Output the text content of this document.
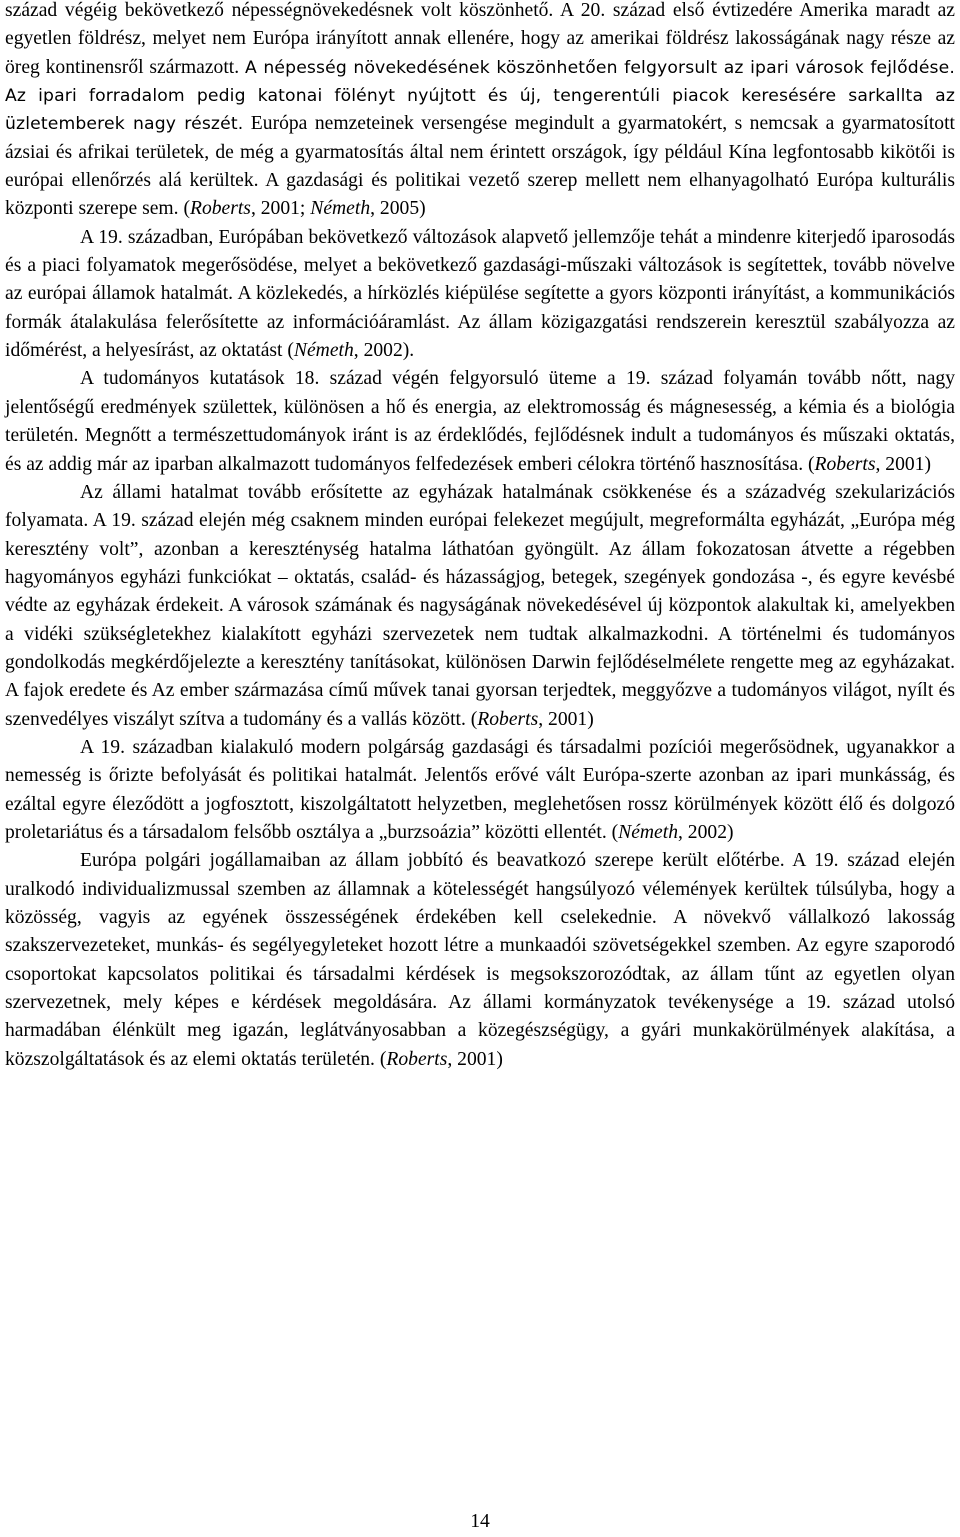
század végéig bekövetkező népességnövekedésnek volt köszönhető. A 20. század első évtizedére Amerika maradt az egyetlen földrész, melyet nem Európa irányított annak ellenére, hogy az amerikai földrész lakosságának nagy része az öreg kontinensről származott. A népesség növekedésének köszönhetően felgyorsult az ipari városok fejlődése. Az ipari forradalom pedig katonai fölényt nyújtott és új, tengerentúli piacok keresésére sarkallta az üzletemberek nagy részét. Európa nemzeteinek versengése megindult a gyarmatokért, s nemcsak a gyarmatosított ázsiai és afrikai területek, de még a gyarmatosítás által nem érintett országok, így például Kína legfontosabb kikötői is európai ellenőrzés alá kerültek. A gazdasági és politikai vezető szerep mellett nem elhanyagolható Európa kulturális központi szerepe sem. (Roberts, 2001; Németh, 2005)

A 19. században, Európában bekövetkező változások alapvető jellemzője tehát a mindenre kiterjedő iparosodás és a piaci folyamatok megerősödése, melyet a bekövetkező gazdasági-műszaki változások is segítettek, tovább növelve az európai államok hatalmát. A közlekedés, a hírközlés kiépülése segítette a gyors központi irányítást, a kommunikációs formák átalakulása felerősítette az információáramlást. Az állam közigazgatási rendszerein keresztül szabályozza az időmérést, a helyesírást, az oktatást (Németh, 2002).

A tudományos kutatások 18. század végén felgyorsuló üteme a 19. század folyamán tovább nőtt, nagy jelentőségű eredmények születtek, különösen a hő és energia, az elektromosság és mágnesesség, a kémia és a biológia területén. Megnőtt a természettudományok iránt is az érdeklődés, fejlődésnek indult a tudományos és műszaki oktatás, és az addig már az iparban alkalmazott tudományos felfedezések emberi célokra történő hasznosítása. (Roberts, 2001)

Az állami hatalmat tovább erősítette az egyházak hatalmának csökkenése és a századvég szekularizációs folyamata. A 19. század elején még csaknem minden európai felekezet megújult, megreformálta egyházát, „Európa még keresztény volt”, azonban a kereszténység hatalma láthatóan gyöngült. Az állam fokozatosan átvette a régebben hagyományos egyházi funkciókat – oktatás, család- és házasságjog, betegek, szegények gondozása -, és egyre kevésbé védte az egyházak érdekeit. A városok számának és nagyságának növekedésével új központok alakultak ki, amelyekben a vidéki szükségletekhez kialakított egyházi szervezetek nem tudtak alkalmazkodni. A történelmi és tudományos gondolkodás megkérdőjelezte a keresztény tanításokat, különösen Darwin fejlődéselmélete rengette meg az egyházakat. A fajok eredete és Az ember származása című művek tanai gyorsan terjedtek, meggyőzve a tudományos világot, nyílt és szenvedélyes viszályt szítva a tudomány és a vallás között. (Roberts, 2001)

A 19. században kialakuló modern polgárság gazdasági és társadalmi pozíciói megerősödnek, ugyanakkor a nemesség is őrizte befolyását és politikai hatalmát. Jelentős erővé vált Európa-szerte azonban az ipari munkásság, és ezáltal egyre éleződött a jogfosztott, kiszolgáltatott helyzetben, meglehetősen rossz körülmények között élő és dolgozó proletariátus és a társadalom felsőbb osztálya a „burzsoázia” közötti ellentét. (Németh, 2002)

Európa polgári jogállamaiban az állam jobbító és beavatkozó szerepe került előtérbe. A 19. század elején uralkodó individualizmussal szemben az államnak a kötelességét hangsúlyozó vélemények kerültek túlsúlyba, hogy a közösség, vagyis az egyének összességének érdekében kell cselekednie. A növekvő vállalkozó lakosság szakszervezeteket, munkás- és segélyegyleteket hozott létre a munkaadói szövetségekkel szemben. Az egyre szaporodó csoportokat kapcsolatos politikai és társadalmi kérdések is megsokszorozódtak, az állam tűnt az egyetlen olyan szervezetnek, mely képes e kérdések megoldására. Az állami kormányzatok tevékenysége a 19. század utolsó harmadában élénkült meg igazán, leglátványosabban a közegészségügy, a gyári munkakörülmények alakítása, a közszolgáltatások és az elemi oktatás területén. (Roberts, 2001)

14
